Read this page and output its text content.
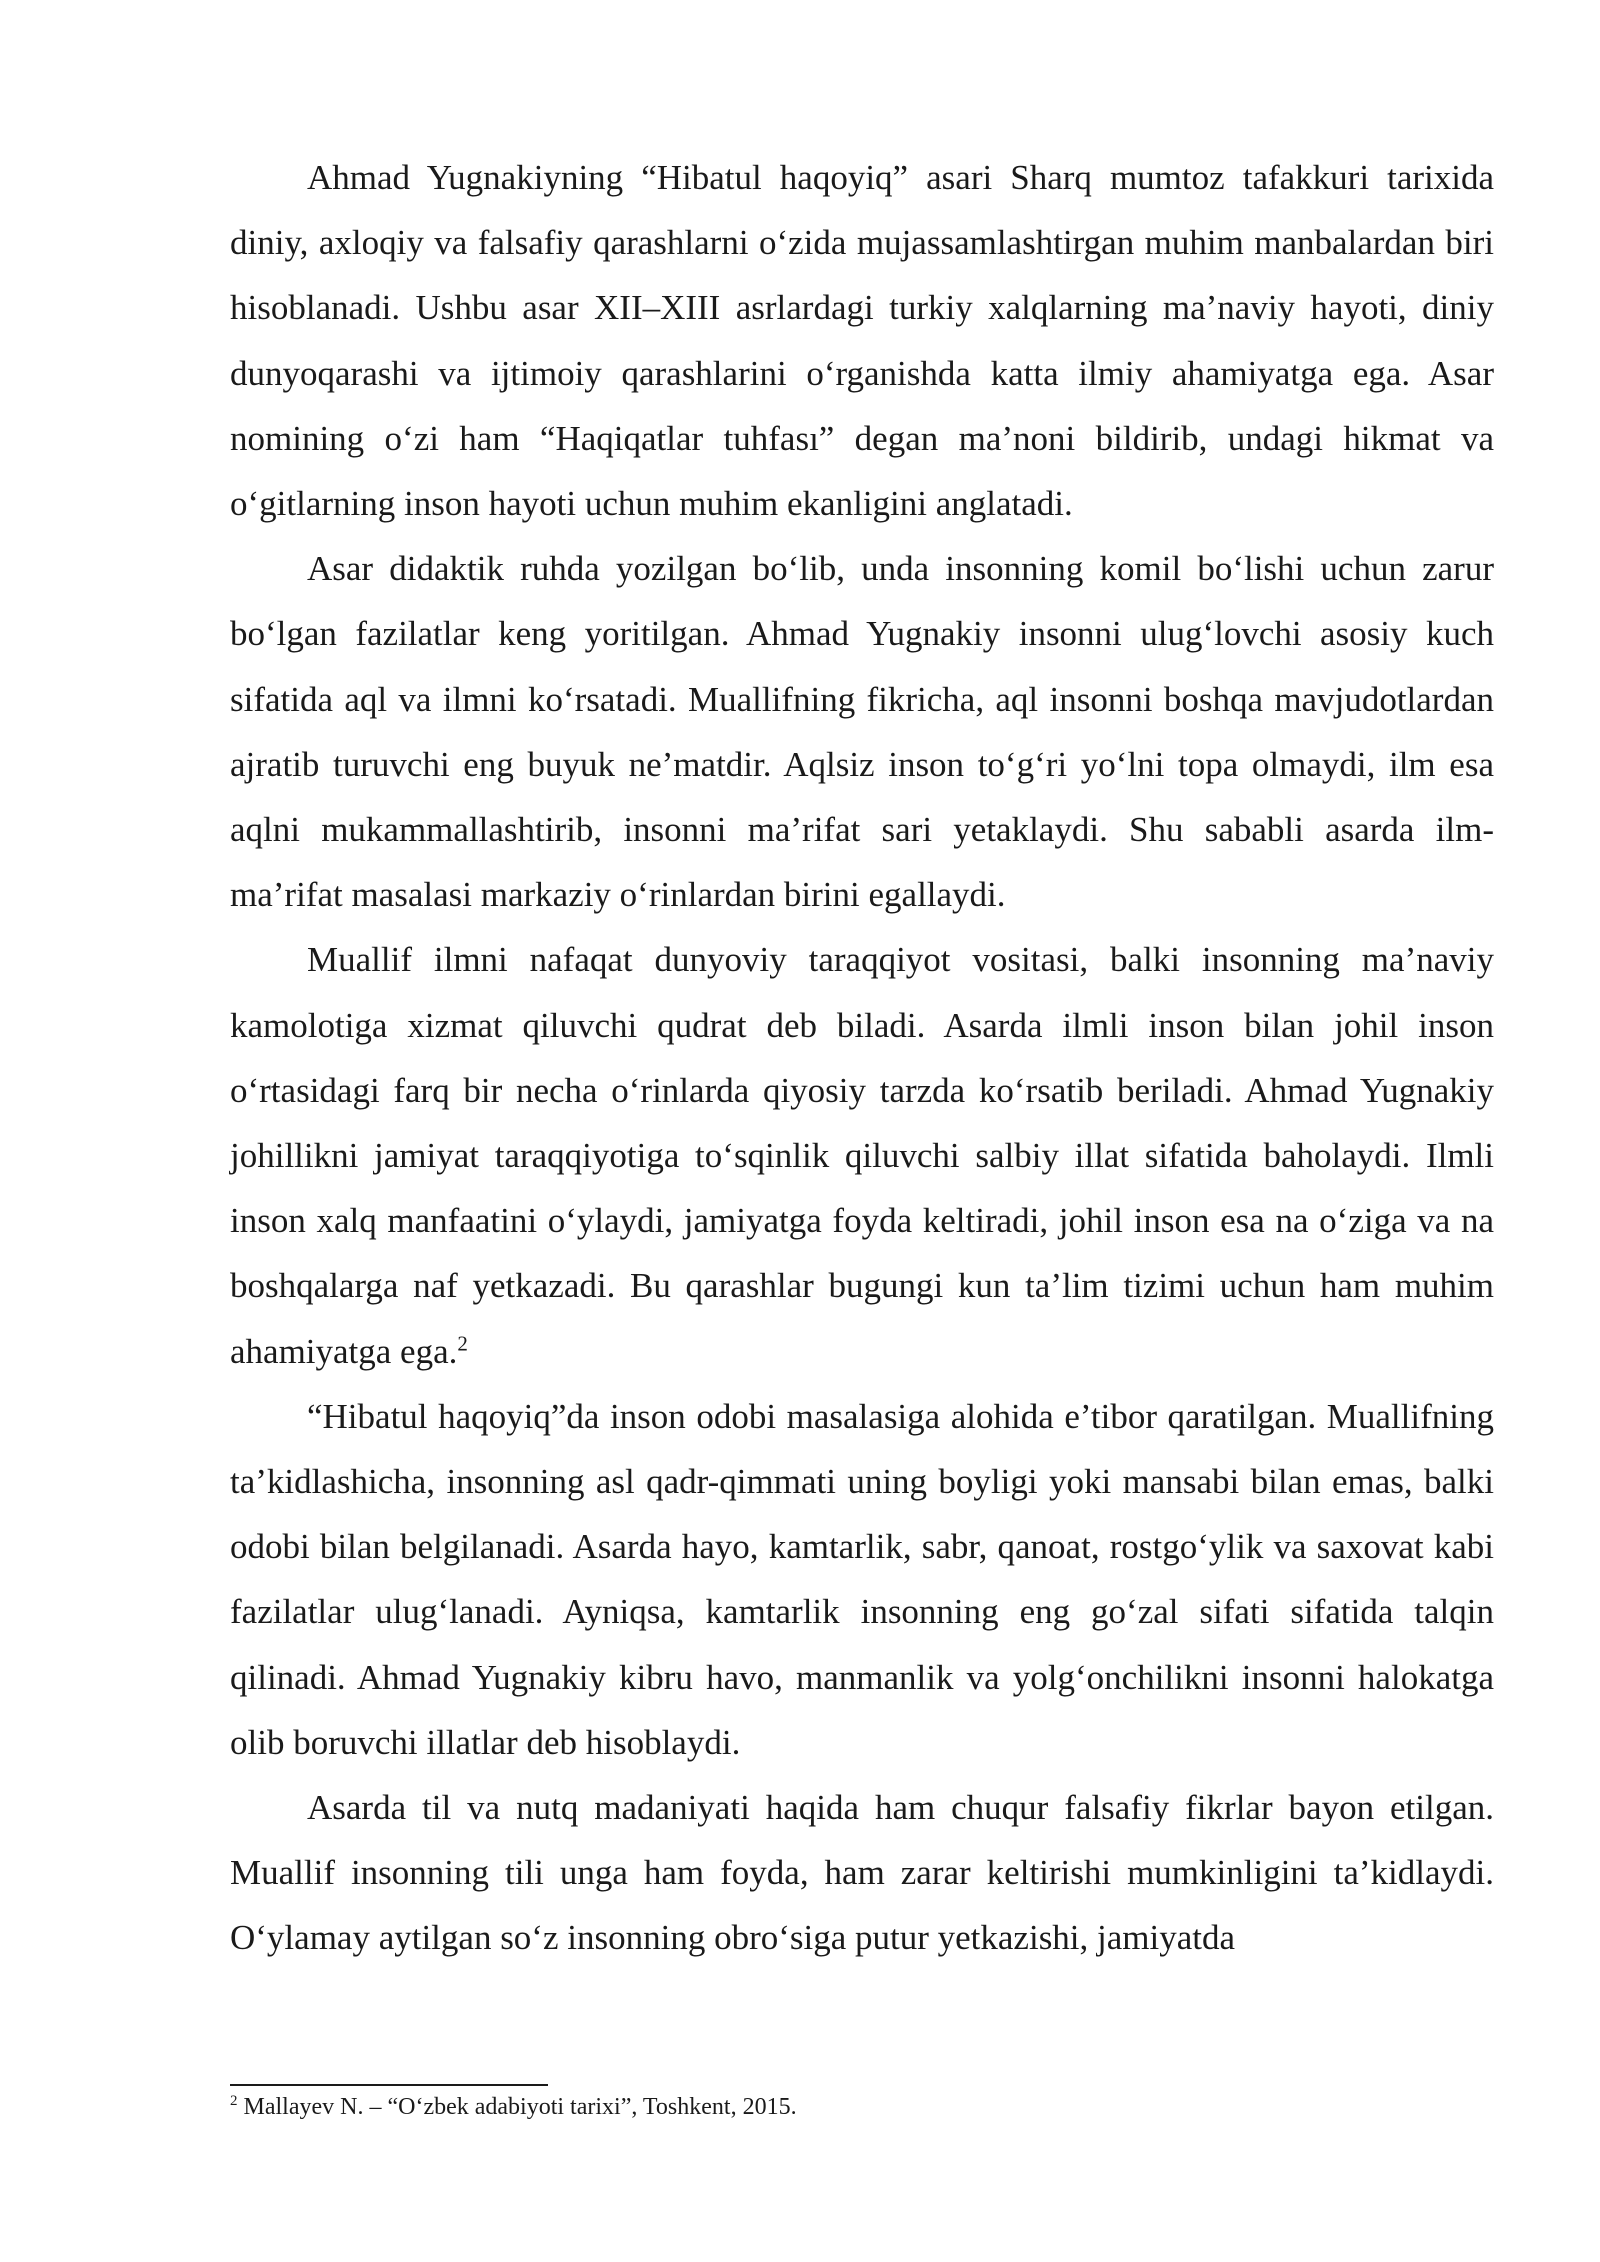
Ahmad Yugnakiyning “Hibatul haqoyiq” asari Sharq mumtoz tafakkuri tarixida diniy, axloqiy va falsafiy qarashlarni o‘zida mujassamlashtirgan muhim manbalardan biri hisoblanadi. Ushbu asar XII–XIII asrlardagi turkiy xalqlarning ma’naviy hayoti, diniy dunyoqarashi va ijtimoiy qarashlarini o‘rganishda katta ilmiy ahamiyatga ega. Asar nomining o‘zi ham “Haqiqatlar tuhfası” degan ma’noni bildirib, undagi hikmat va o‘gitlarning inson hayoti uchun muhim ekanligini anglatadi.

Asar didaktik ruhda yozilgan bo‘lib, unda insonning komil bo‘lishi uchun zarur bo‘lgan fazilatlar keng yoritilgan. Ahmad Yugnakiy insonni ulug‘lovchi asosiy kuch sifatida aql va ilmni ko‘rsatadi. Muallifning fikricha, aql insonni boshqa mavjudotlardan ajratib turuvchi eng buyuk ne’matdir. Aqlsiz inson to‘g‘ri yo‘lni topa olmaydi, ilm esa aqlni mukammallashtirib, insonni ma’rifat sari yetaklaydi. Shu sababli asarda ilm-ma’rifat masalasi markaziy o‘rinlardan birini egallaydi.

Muallif ilmni nafaqat dunyoviy taraqqiyot vositasi, balki insonning ma’naviy kamolotiga xizmat qiluvchi qudrat deb biladi. Asarda ilmli inson bilan johil inson o‘rtasidagi farq bir necha o‘rinlarda qiyosiy tarzda ko‘rsatib beriladi. Ahmad Yugnakiy johillikni jamiyat taraqqiyotiga to‘sqinlik qiluvchi salbiy illat sifatida baholaydi. Ilmli inson xalq manfaatini o‘ylaydi, jamiyatga foyda keltiradi, johil inson esa na o‘ziga va na boshqalarga naf yetkazadi. Bu qarashlar bugungi kun ta’lim tizimi uchun ham muhim ahamiyatga ega.$^2$

“Hibatul haqoyiq”da inson odobi masalasiga alohida e’tibor qaratilgan. Muallifning ta’kidlashicha, insonning asl qadr-qimmati uning boyligi yoki mansabi bilan emas, balki odobi bilan belgilanadi. Asarda hayo, kamtarlik, sabr, qanoat, rostgo‘ylik va saxovat kabi fazilatlar ulug‘lanadi. Ayniqsa, kamtarlik insonning eng go‘zal sifati sifatida talqin qilinadi. Ahmad Yugnakiy kibru havo, manmanlik va yolg‘onchilikni insonni halokatga olib boruvchi illatlar deb hisoblaydi.

Asarda til va nutq madaniyati haqida ham chuqur falsafiy fikrlar bayon etilgan. Muallif insonning tili unga ham foyda, ham zarar keltirishi mumkinligini ta’kidlaydi. O‘ylamay aytilgan so‘z insonning obro‘siga putur yetkazishi, jamiyatda

$^2$ Mallayev N. – “O‘zbek adabiyoti tarixi”, Toshkent, 2015.
